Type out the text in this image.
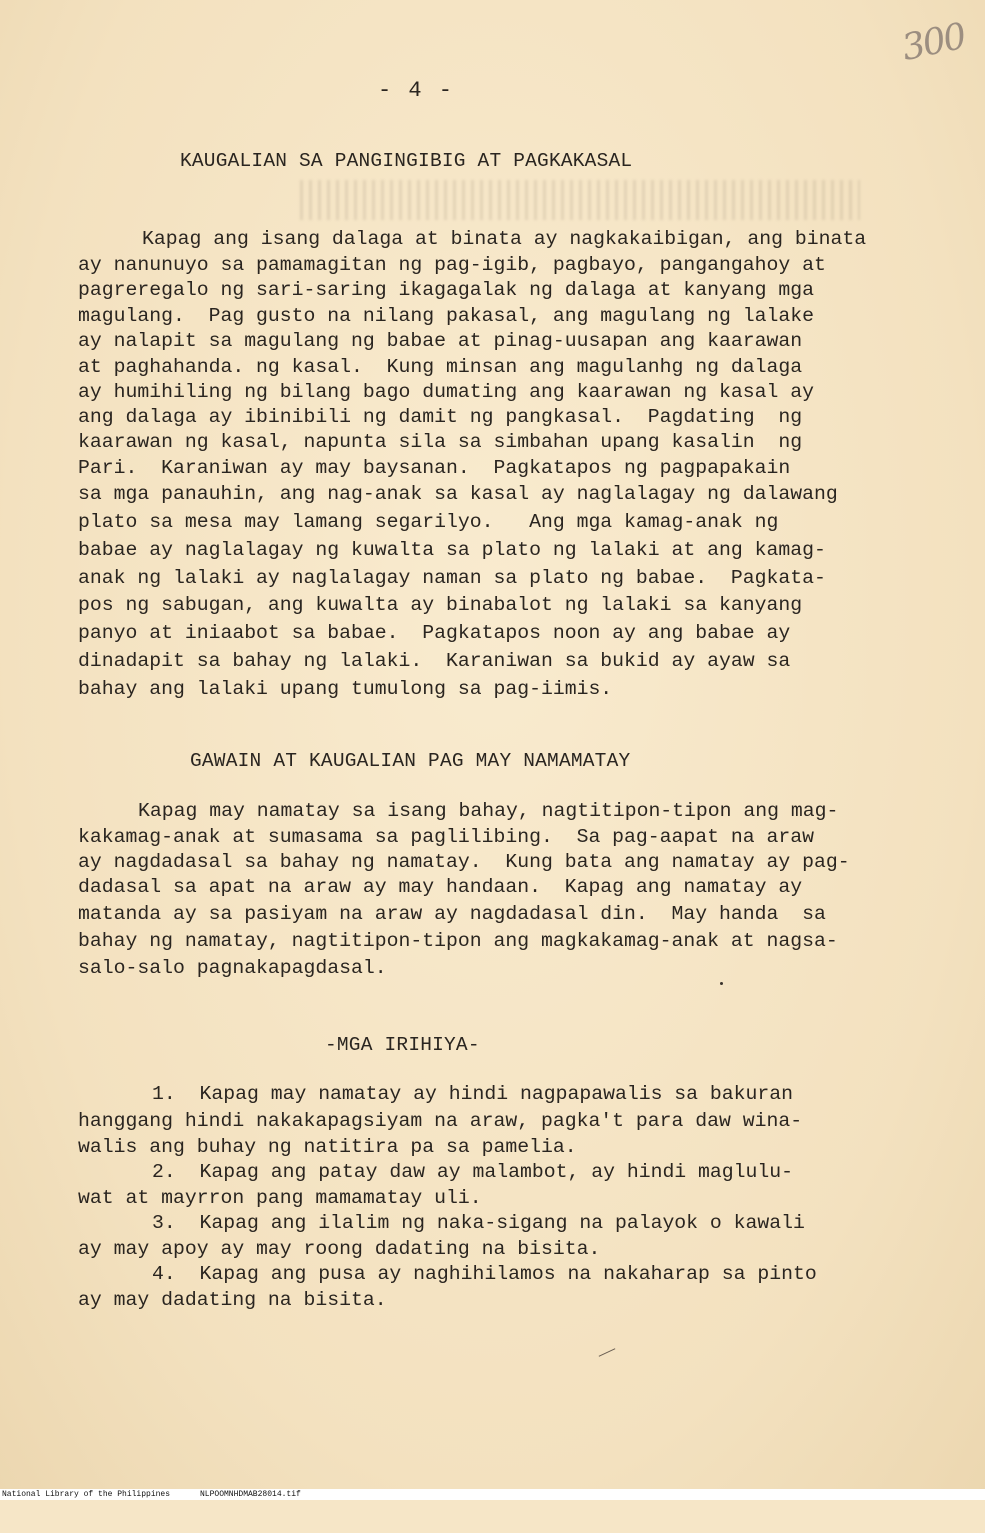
300
- 4 -
KAUGALIAN SA PANGINGIBIG AT PAGKAKASAL
Kapag ang isang dalaga at binata ay nagkakaibigan, ang binata
ay nanunuyo sa pamamagitan ng pag-igib, pagbayo, pangangahoy at
pagreregalo ng sari-saring ikagagalak ng dalaga at kanyang mga
magulang.  Pag gusto na nilang pakasal, ang magulang ng lalake
ay nalapit sa magulang ng babae at pinag-uusapan ang kaarawan
at paghahanda. ng kasal.  Kung minsan ang magulanhg ng dalaga
ay humihiling ng bilang bago dumating ang kaarawan ng kasal ay
ang dalaga ay ibinibili ng damit ng pangkasal.  Pagdating  ng
kaarawan ng kasal, napunta sila sa simbahan upang kasalin  ng
Pari.  Karaniwan ay may baysanan.  Pagkatapos ng pagpapakain
sa mga panauhin, ang nag-anak sa kasal ay naglalagay ng dalawang
plato sa mesa may lamang segarilyo.   Ang mga kamag-anak ng
babae ay naglalagay ng kuwalta sa plato ng lalaki at ang kamag-
anak ng lalaki ay naglalagay naman sa plato ng babae.  Pagkata-
pos ng sabugan, ang kuwalta ay binabalot ng lalaki sa kanyang
panyo at iniaabot sa babae.  Pagkatapos noon ay ang babae ay
dinadapit sa bahay ng lalaki.  Karaniwan sa bukid ay ayaw sa
bahay ang lalaki upang tumulong sa pag-iimis.
GAWAIN AT KAUGALIAN PAG MAY NAMAMATAY
Kapag may namatay sa isang bahay, nagtitipon-tipon ang mag-
kakamag-anak at sumasama sa paglilibing.  Sa pag-aapat na araw
ay nagdadasal sa bahay ng namatay.  Kung bata ang namatay ay pag-
dadasal sa apat na araw ay may handaan.  Kapag ang namatay ay
matanda ay sa pasiyam na araw ay nagdadasal din.  May handa  sa
bahay ng namatay, nagtitipon-tipon ang magkakamag-anak at nagsa-
salo-salo pagnakapagdasal.
-MGA IRIHIYA-
1.  Kapag may namatay ay hindi nagpapawalis sa bakuran
hanggang hindi nakakapagsiyam na araw, pagka't para daw wina-
walis ang buhay ng natitira pa sa pamelia.
2.  Kapag ang patay daw ay malambot, ay hindi maglulu-
wat at mayrron pang mamamatay uli.
3.  Kapag ang ilalim ng naka-sigang na palayok o kawali
ay may apoy ay may roong dadating na bisita.
4.  Kapag ang pusa ay naghihilamos na nakaharap sa pinto
ay may dadating na bisita.

National Library of the Philippines

	NLPOOMNHDMAB28014.tif
